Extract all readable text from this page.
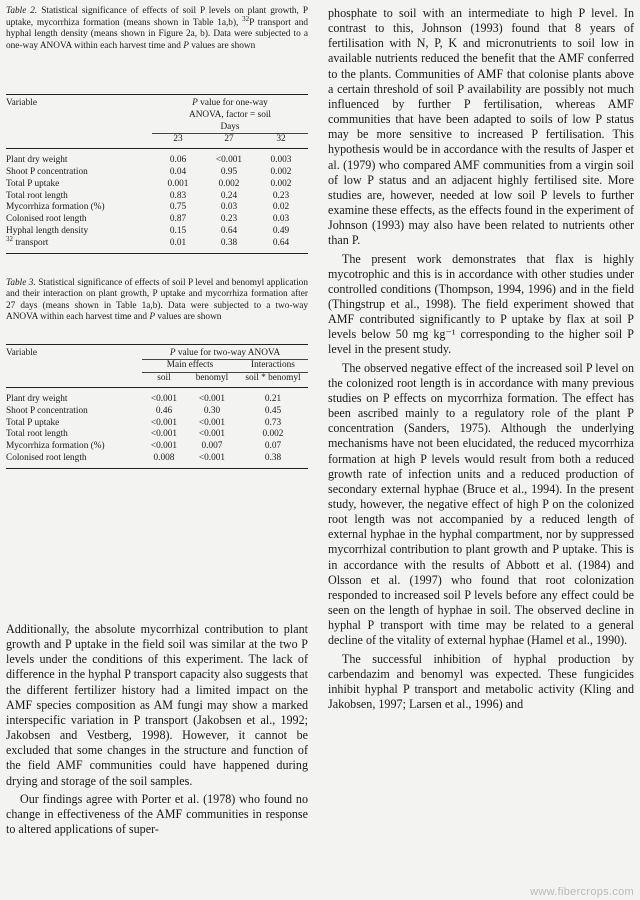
Table 2. Statistical significance of effects of soil P levels on plant growth, P uptake, mycorrhiza formation (means shown in Table 1a,b), $^{32}$P transport and hyphal length density (means shown in Figure 2a, b). Data were subjected to a one-way ANOVA within each harvest time and P values are shown

Variable	P value for one-way
ANOVA, factor = soil
Days		
	23	27	32

Plant dry weight	0.06	<0.001	0.003
Shoot P concentration	0.04	0.95	0.002
Total P uptake	0.001	0.002	0.002
Total root length	0.83	0.24	0.23
Mycorrhiza formation (%)	0.75	0.03	0.02
Colonised root length	0.87	0.23	0.03
Hyphal length density	0.15	0.64	0.49
$^{32}$ transport	0.01	0.38	0.64

Table 3. Statistical significance of effects of soil P level and benomyl application and their interaction on plant growth, P uptake and mycorrhiza formation after 27 days (means shown in Table 1a,b). Data were subjected to a two-way ANOVA within each harvest time and P values are shown

Variable	P value for two-way ANOVA		
	Main effects		Interactions
	soil	benomyl	soil * benomyl

Plant dry weight	<0.001	<0.001	0.21
Shoot P concentration	0.46	0.30	0.45
Total P uptake	<0.001	<0.001	0.73
Total root length	<0.001	<0.001	0.002
Mycorrhiza formation (%)	<0.001	0.007	0.07
Colonised root length	0.008	<0.001	0.38

Additionally, the absolute mycorrhizal contribution to plant growth and P uptake in the field soil was similar at the two P levels under the conditions of this experiment. The lack of difference in the hyphal P transport capacity also suggests that the different fertilizer history had a limited impact on the AMF species composition as AM fungi may show a marked interspecific variation in P transport (Jakobsen et al., 1992; Jakobsen and Vestberg, 1998). However, it cannot be excluded that some changes in the structure and function of the field AMF communities could have happened during drying and storage of the soil samples.

Our findings agree with Porter et al. (1978) who found no change in effectiveness of the AMF communities in response to altered applications of super-

phosphate to soil with an intermediate to high P level. In contrast to this, Johnson (1993) found that 8 years of fertilisation with N, P, K and micronutrients to soil low in available nutrients reduced the benefit that the AMF conferred to the plants. Communities of AMF that colonise plants above a certain threshold of soil P availability are possibly not much influenced by further P fertilisation, whereas AMF communities that have been adapted to soils of low P status may be more sensitive to increased P fertilisation. This hypothesis would be in accordance with the results of Jasper et al. (1979) who compared AMF communities from a virgin soil of low P status and an adjacent highly fertilised site. More studies are, however, needed at low soil P levels to further examine these effects, as the effects found in the experiment of Johnson (1993) may also have been related to nutrients other than P.

The present work demonstrates that flax is highly mycotrophic and this is in accordance with other studies under controlled conditions (Thompson, 1994, 1996) and in the field (Thingstrup et al., 1998). The field experiment showed that AMF contributed significantly to P uptake by flax at soil P levels below 50 mg kg⁻¹ corresponding to the higher soil P level in the present study.

The observed negative effect of the increased soil P level on the colonized root length is in accordance with many previous studies on P effects on mycorrhiza formation. The effect has been ascribed mainly to a regulatory role of the plant P concentration (Sanders, 1975). Although the underlying mechanisms have not been elucidated, the reduced mycorrhiza formation at high P levels would result from both a reduced growth rate of infection units and a reduced production of secondary external hyphae (Bruce et al., 1994). In the present study, however, the negative effect of high P on the colonized root length was not accompanied by a reduced length of external hyphae in the hyphal compartment, nor by suppressed mycorrhizal contribution to plant growth and P uptake. This is in accordance with the results of Abbott et al. (1984) and Olsson et al. (1997) who found that root colonization responded to increased soil P levels before any effect could be seen on the length of hyphae in soil. The observed decline in hyphal P transport with time may be related to a general decline of the vitality of external hyphae (Hamel et al., 1990).

The successful inhibition of hyphal production by carbendazim and benomyl was expected. These fungicides inhibit hyphal P transport and metabolic activity (Kling and Jakobsen, 1997; Larsen et al., 1996) and

www.fibercrops.com
